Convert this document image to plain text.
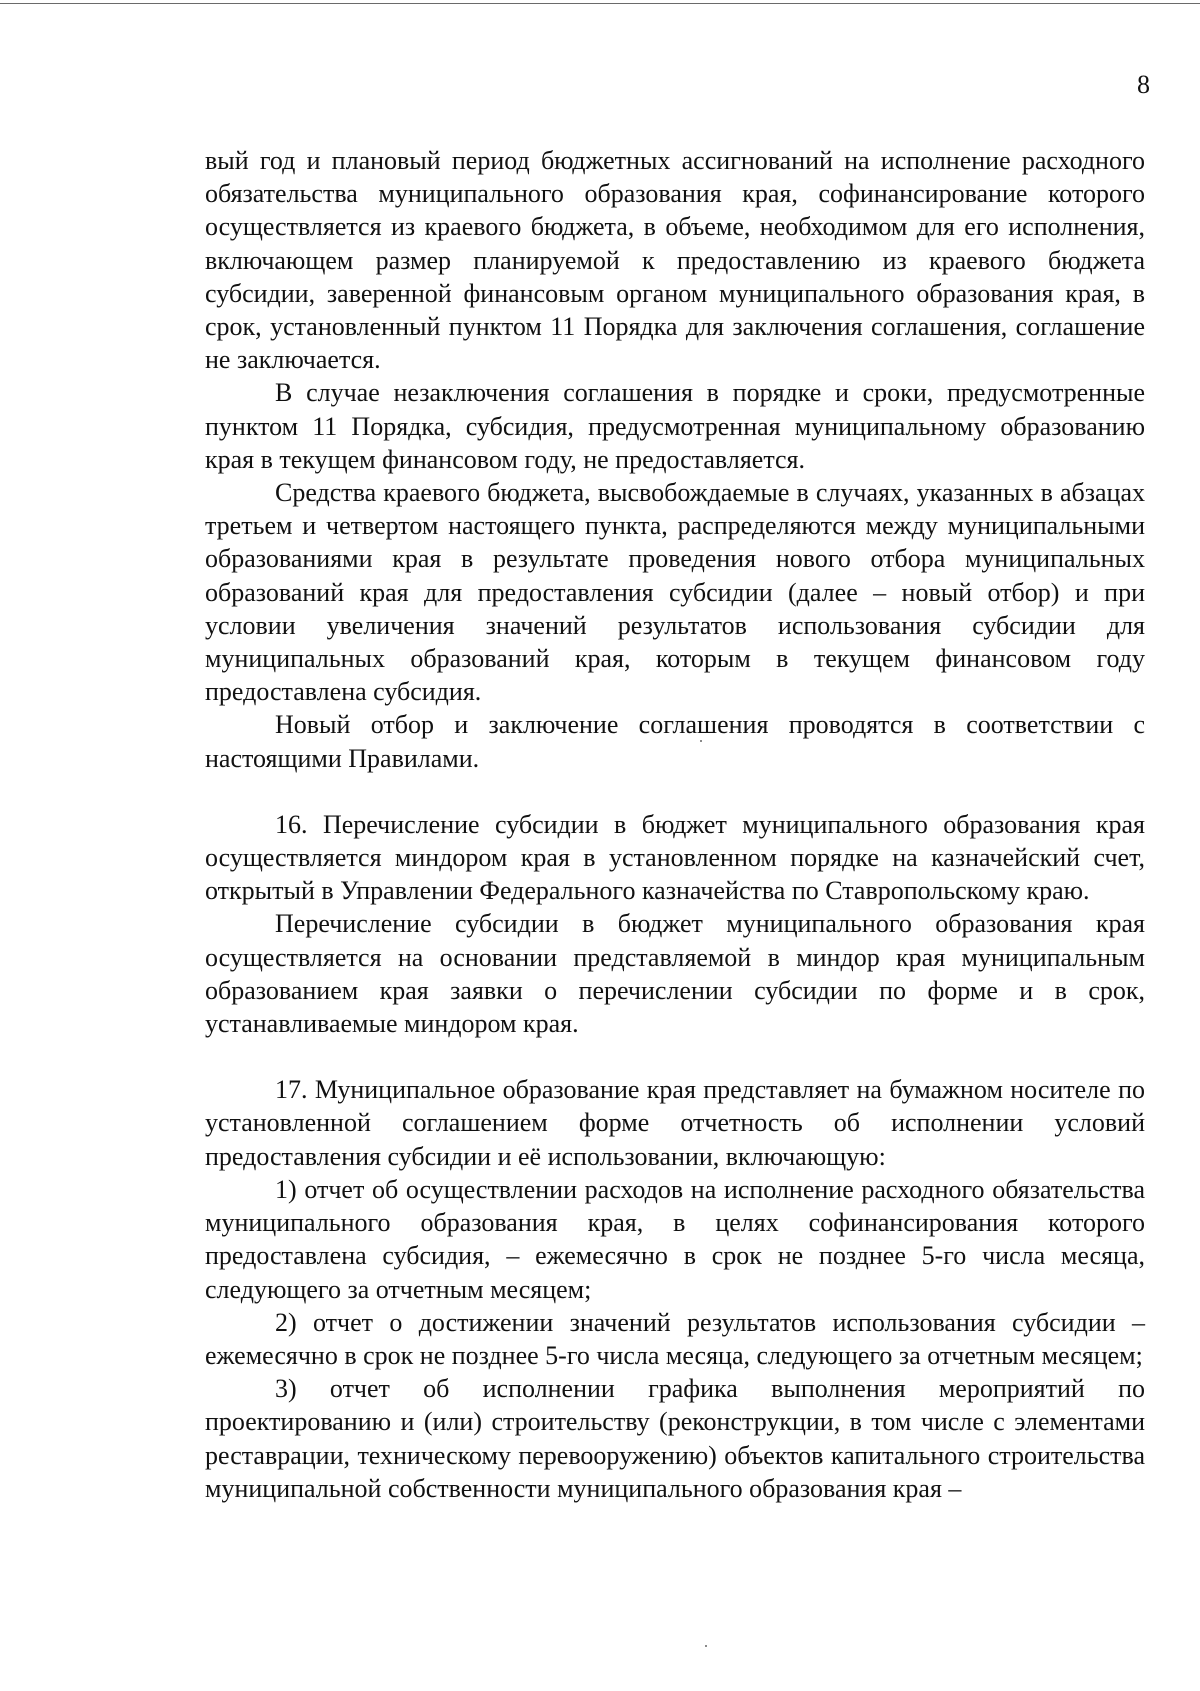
8

вый год и плановый период бюджетных ассигнований на исполнение расходного обязательства муниципального образования края, софинансирование которого осуществляется из краевого бюджета, в объеме, необходимом для его исполнения, включающем размер планируемой к предоставлению из краевого бюджета субсидии, заверенной финансовым органом муниципального образования края, в срок, установленный пунктом 11 Порядка для заключения соглашения, соглашение не заключается.

В случае незаключения соглашения в порядке и сроки, предусмотренные пунктом 11 Порядка, субсидия, предусмотренная муниципальному образованию края в текущем финансовом году, не предоставляется.

Средства краевого бюджета, высвобождаемые в случаях, указанных в абзацах третьем и четвертом настоящего пункта, распределяются между муниципальными образованиями края в результате проведения нового отбора муниципальных образований края для предоставления субсидии (далее – новый отбор) и при условии увеличения значений результатов использования субсидии для муниципальных образований края, которым в текущем финансовом году предоставлена субсидия.

Новый отбор и заключение соглашения проводятся в соответствии с настоящими Правилами.

16. Перечисление субсидии в бюджет муниципального образования края осуществляется миндором края в установленном порядке на казначейский счет, открытый в Управлении Федерального казначейства по Ставропольскому краю.

Перечисление субсидии в бюджет муниципального образования края осуществляется на основании представляемой в миндор края муниципальным образованием края заявки о перечислении субсидии по форме и в срок, устанавливаемые миндором края.

17. Муниципальное образование края представляет на бумажном носителе по установленной соглашением форме отчетность об исполнении условий предоставления субсидии и её использовании, включающую:

1) отчет об осуществлении расходов на исполнение расходного обязательства муниципального образования края, в целях софинансирования которого предоставлена субсидия, – ежемесячно в срок не позднее 5-го числа месяца, следующего за отчетным месяцем;

2) отчет о достижении значений результатов использования субсидии – ежемесячно в срок не позднее 5-го числа месяца, следующего за отчетным месяцем;

3) отчет об исполнении графика выполнения мероприятий по проектированию и (или) строительству (реконструкции, в том числе с элементами реставрации, техническому перевооружению) объектов капитального строительства муниципальной собственности муниципального образования края –
